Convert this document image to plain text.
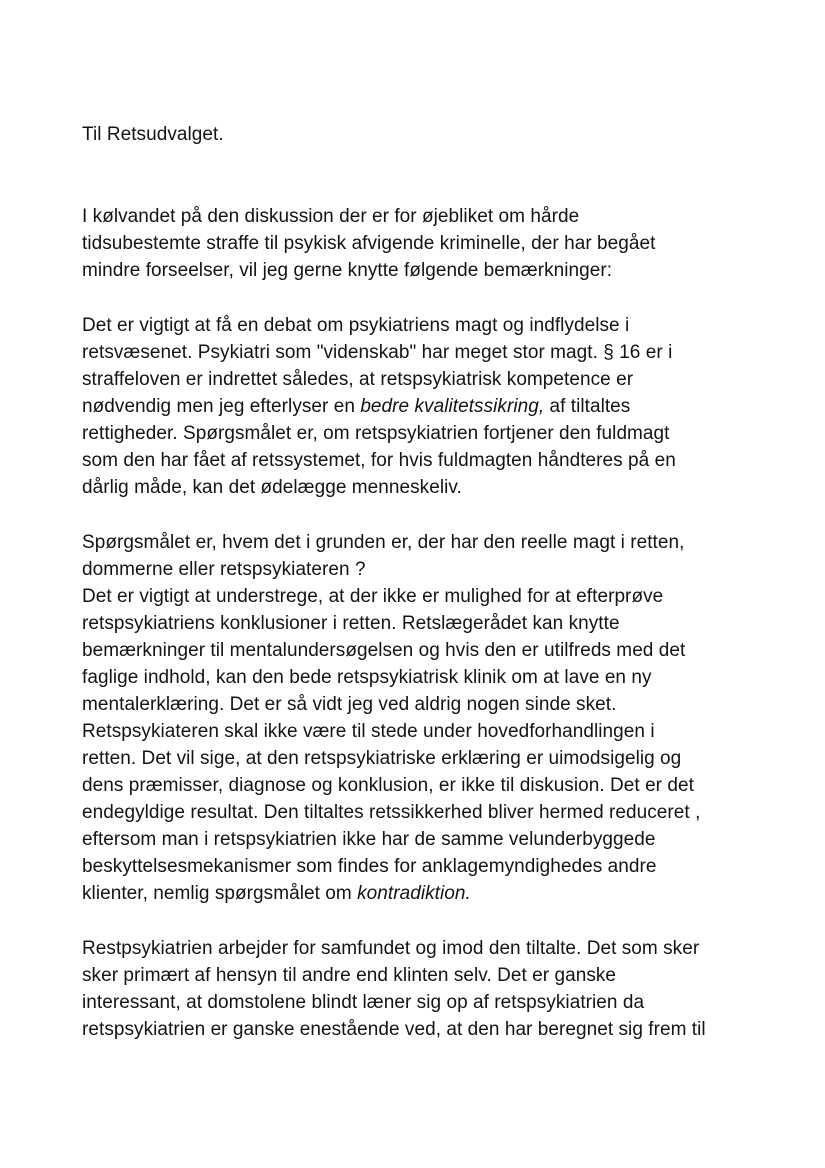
Til Retsudvalget.
I kølvandet på den diskussion der er for øjebliket om hårde
tidsubestemte straffe til psykisk afvigende kriminelle, der har begået
mindre forseelser, vil jeg gerne knytte følgende bemærkninger:
Det er vigtigt at få en debat om psykiatriens magt og indflydelse i
retsvæsenet. Psykiatri som "videnskab" har meget stor magt. § 16 er i
straffeloven er indrettet således, at retspsykiatrisk kompetence er
nødvendig men jeg efterlyser en bedre kvalitetssikring, af tiltaltes
rettigheder. Spørgsmålet er, om retspsykiatrien fortjener den fuldmagt
som den har fået af retssystemet, for hvis fuldmagten håndteres på en
dårlig måde, kan det ødelægge menneskeliv.
Spørgsmålet er, hvem det i grunden er, der har den reelle magt i retten,
dommerne eller retspsykiateren ?
Det er vigtigt at understrege, at der ikke er mulighed for at efterprøve
retspsykiatriens konklusioner i retten. Retslægerådet kan knytte
bemærkninger til mentalundersøgelsen og hvis den er utilfreds med det
faglige indhold, kan den bede retspsykiatrisk klinik om at lave en ny
mentalerklæring. Det er så vidt jeg ved aldrig nogen sinde sket.
Retspsykiateren skal ikke være til stede under hovedforhandlingen i
retten. Det vil sige, at den retspsykiatriske erklæring er uimodsigelig og
dens præmisser, diagnose og konklusion, er ikke til diskusion. Det er det
endegyldige resultat. Den tiltaltes retssikkerhed bliver hermed reduceret ,
eftersom man i retspsykiatrien ikke har de samme velunderbyggede
beskyttelsesmekanismer som findes for anklagemyndighedes andre
klienter, nemlig spørgsmålet om kontradiktion.
Restpsykiatrien arbejder for samfundet og imod den tiltalte. Det som sker
sker primært af hensyn til andre end klinten selv. Det er ganske
interessant, at domstolene blindt læner sig op af retspsykiatrien da
retspsykiatrien er ganske enestående ved, at den har beregnet sig frem til
